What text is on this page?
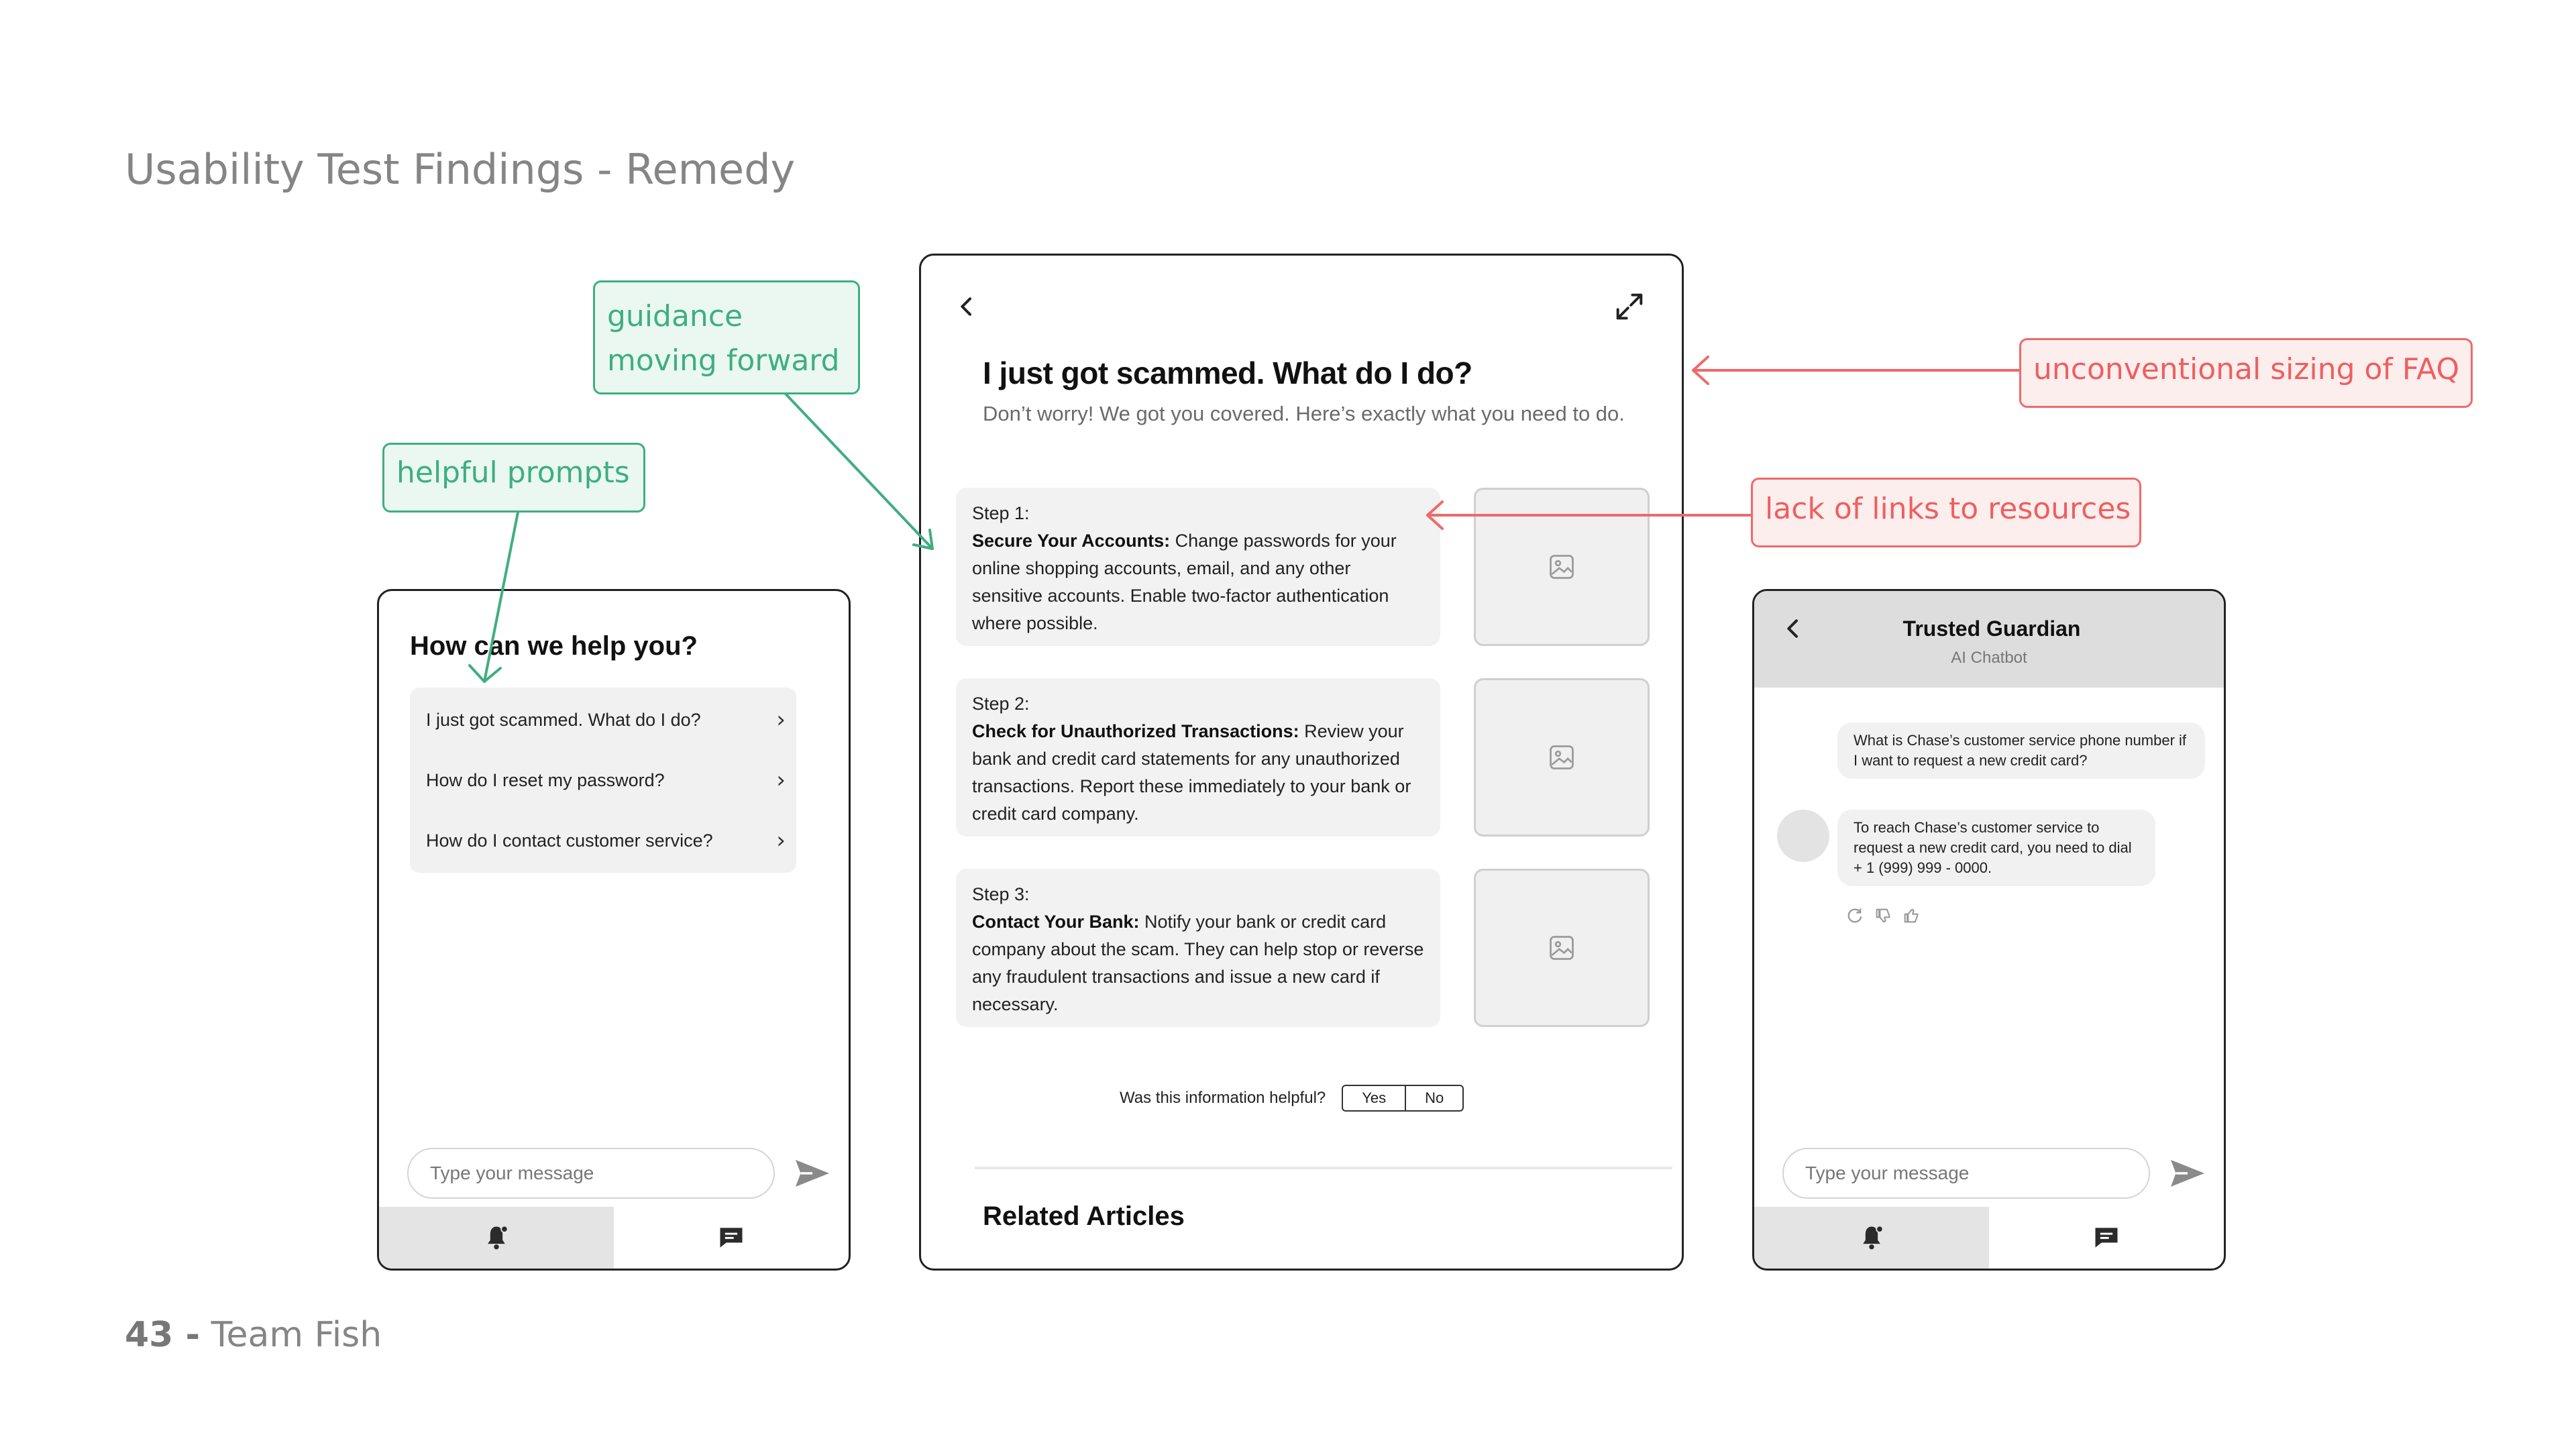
Usability Test Findings - Remedy
How can we help you?
I just got scammed. What do I do?	›
How do I reset my password?	›
How do I contact customer service?	›
Type your message
I just got scammed. What do I do?
Don’t worry! We got you covered. Here’s exactly what you need to do.
Step 1:
Secure Your Accounts: Change passwords for your online shopping accounts, email, and any other sensitive accounts. Enable two-factor authentication where possible.
Step 2:
Check for Unauthorized Transactions: Review your bank and credit card statements for any unauthorized transactions. Report these immediately to your bank or credit card company.
Step 3:
Contact Your Bank: Notify your bank or credit card company about the scam. They can help stop or reverse any fraudulent transactions and issue a new card if necessary.
Was this information helpful?	Yes	No
Related Articles
Trusted Guardian
AI Chatbot
What is Chase’s customer service phone number if I want to request a new credit card?
To reach Chase’s customer service to request a new credit card, you need to dial + 1 (999) 999 - 0000.
Type your message
helpful prompts
guidance
moving forward	unconventional sizing of FAQ
lack of links to resources
43 - Team Fish
